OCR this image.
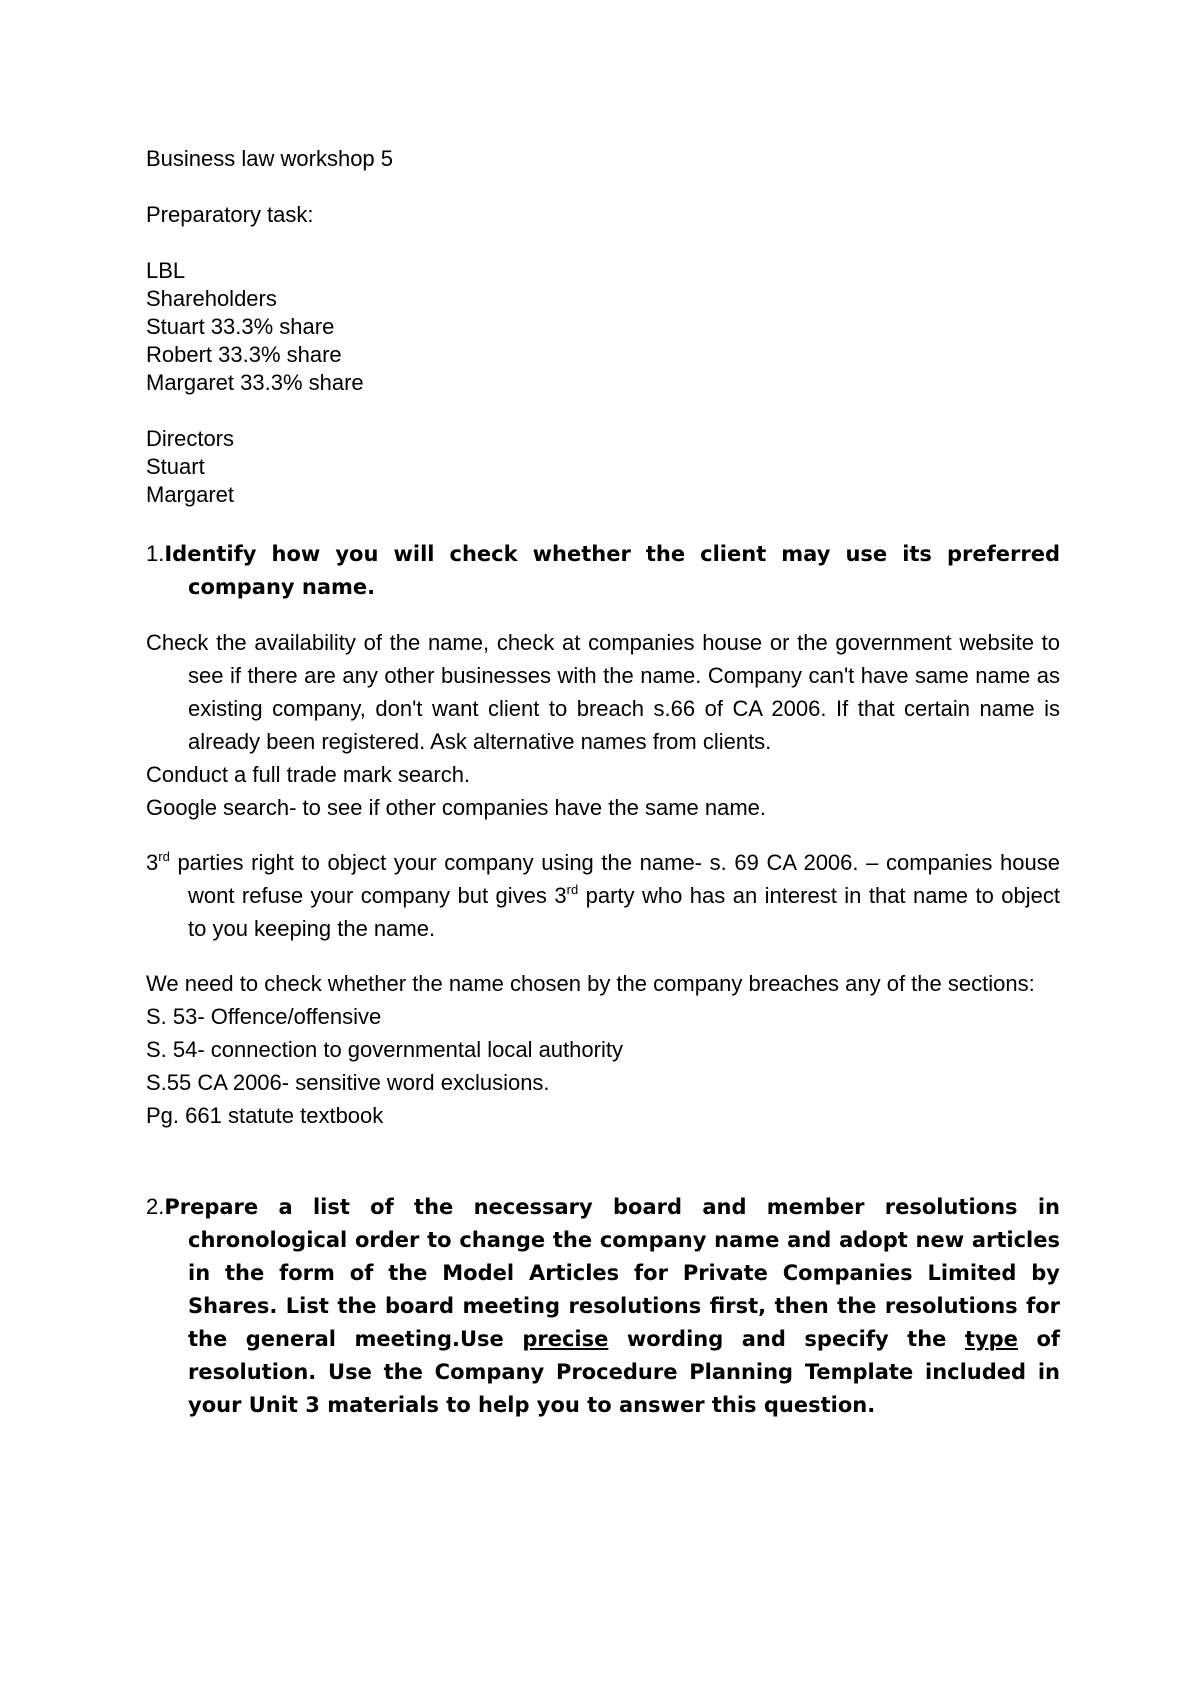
Business law workshop 5

Preparatory task:

LBL

Shareholders

Stuart 33.3% share

Robert 33.3% share

Margaret 33.3% share

Directors

Stuart

Margaret

1.Identify how you will check whether the client may use its preferred company name.

Check the availability of the name, check at companies house or the government website to see if there are any other businesses with the name. Company can't have same name as existing company, don't want client to breach s.66 of CA 2006. If that certain name is already been registered. Ask alternative names from clients.

Conduct a full trade mark search.

Google search- to see if other companies have the same name.

3rd parties right to object your company using the name- s. 69 CA 2006. – companies house wont refuse your company but gives 3rd party who has an interest in that name to object to you keeping the name.

We need to check whether the name chosen by the company breaches any of the sections:

S. 53- Offence/offensive

S. 54- connection to governmental local authority

S.55 CA 2006- sensitive word exclusions.

Pg. 661 statute textbook

2.Prepare a list of the necessary board and member resolutions in chronological order to change the company name and adopt new articles in the form of the Model Articles for Private Companies Limited by Shares. List the board meeting resolutions first, then the resolutions for the general meeting.Use precise wording and specify the type of resolution. Use the Company Procedure Planning Template included in your Unit 3 materials to help you to answer this question.
